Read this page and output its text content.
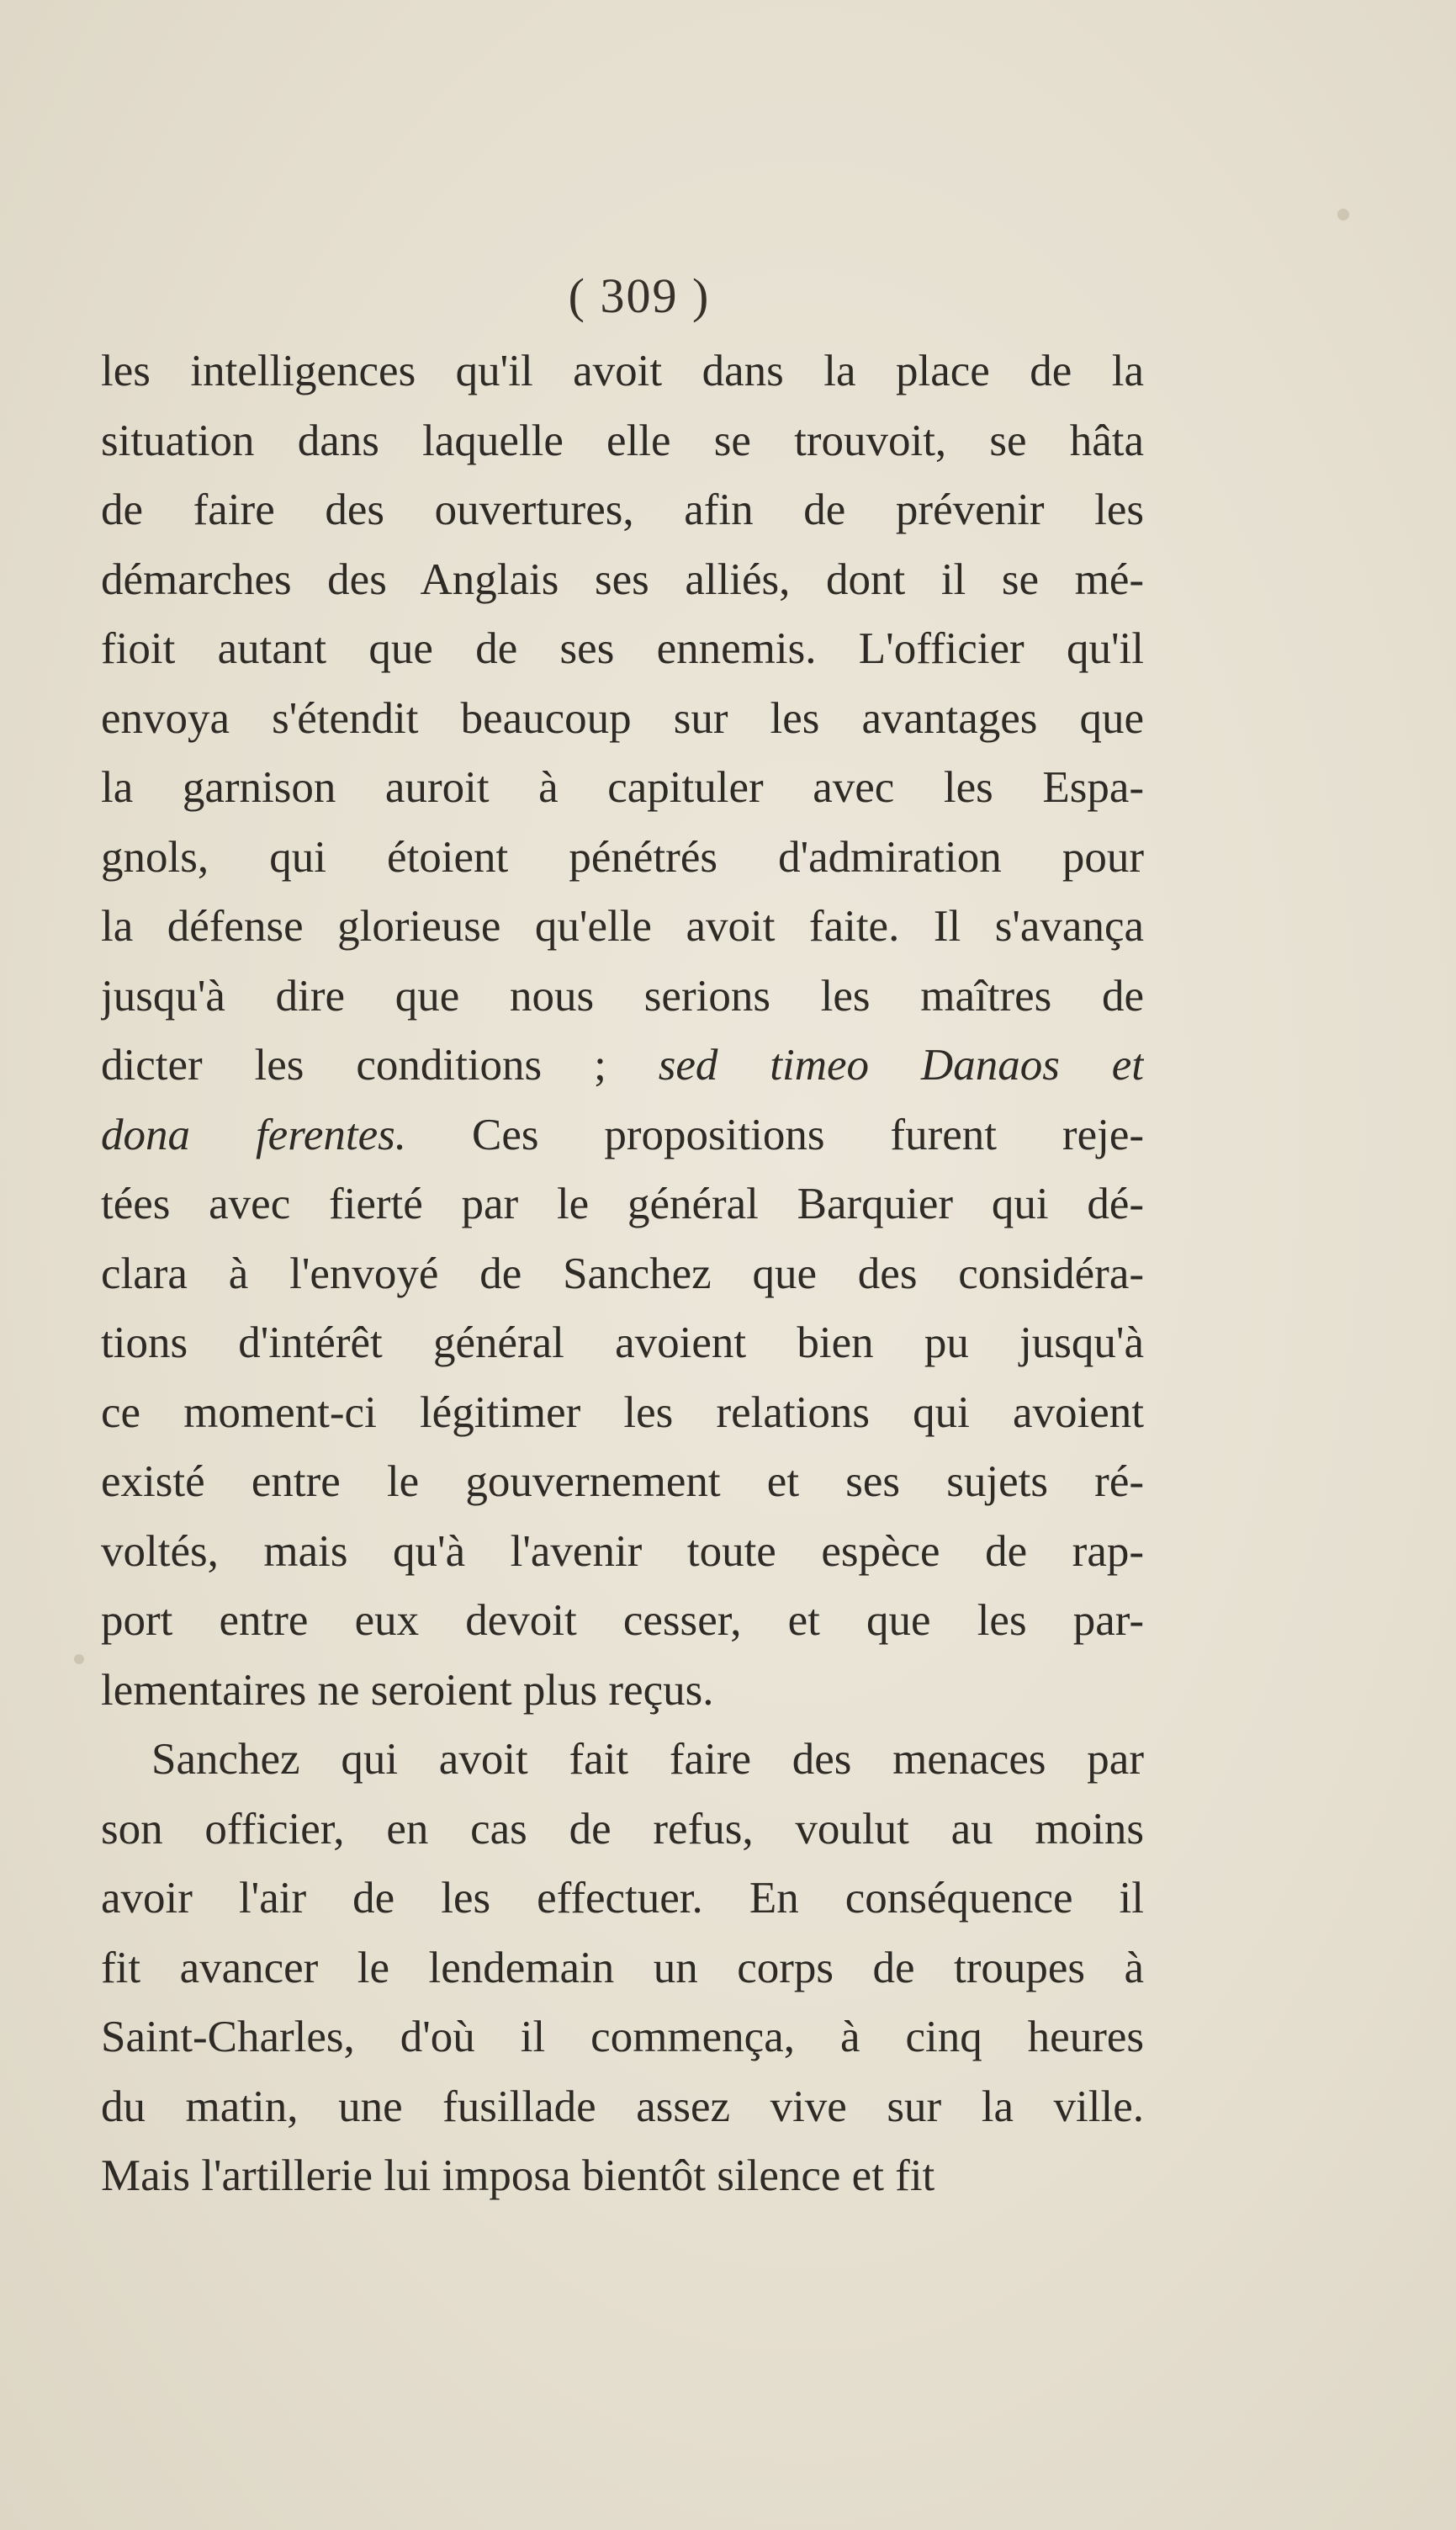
( 309 )
les intelligences qu'il avoit dans la place de la
situation dans laquelle elle se trouvoit, se hâta
de faire des ouvertures, afin de prévenir les
démarches des Anglais ses alliés, dont il se mé-
fioit autant que de ses ennemis. L'officier qu'il
envoya s'étendit beaucoup sur les avantages que
la garnison auroit à capituler avec les Espa-
gnols, qui étoient pénétrés d'admiration pour
la défense glorieuse qu'elle avoit faite. Il s'avança
jusqu'à dire que nous serions les maîtres de
dicter les conditions ; sed timeo Danaos et
dona ferentes. Ces propositions furent reje-
tées avec fierté par le général Barquier qui dé-
clara à l'envoyé de Sanchez que des considéra-
tions d'intérêt général avoient bien pu jusqu'à
ce moment-ci légitimer les relations qui avoient
existé entre le gouvernement et ses sujets ré-
voltés, mais qu'à l'avenir toute espèce de rap-
port entre eux devoit cesser, et que les par-
lementaires ne seroient plus reçus.
Sanchez qui avoit fait faire des menaces par
son officier, en cas de refus, voulut au moins
avoir l'air de les effectuer. En conséquence il
fit avancer le lendemain un corps de troupes à
Saint-Charles, d'où il commença, à cinq heures
du matin, une fusillade assez vive sur la ville.
Mais l'artillerie lui imposa bientôt silence et fit
